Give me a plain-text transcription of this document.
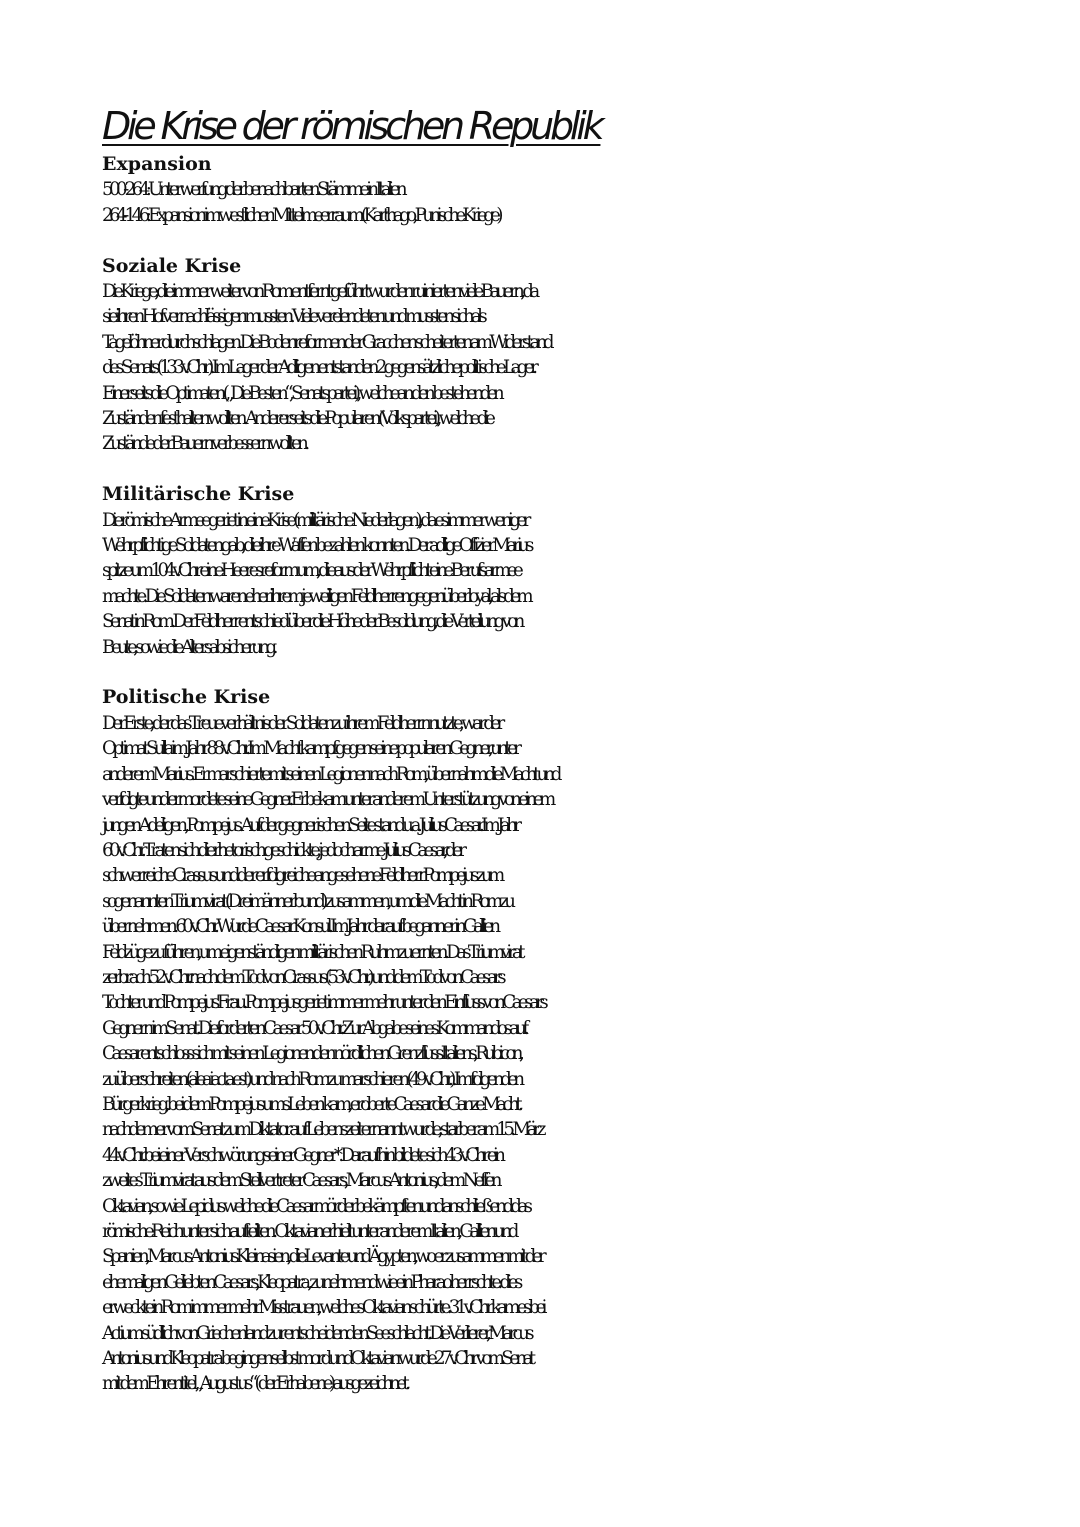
Die Krise der römischen Republik
Expansion
500-264: Unterwerfung der benachbarten Stämme in Italien
264-146: Expansion im westlichen Mittelmeerraum (Karthago, Punische Kriege)
Soziale Krise
Die Kriege, die immer weiter von Rom entfernt geführt wurden ruinierten viele Bauern, da
sie ihren Hof vernachlässigen mussten. Viele verelendeten und mussten sich als
Tagelöhner durchschlagen. Die Bodenreformen der Gracchen scheiterten am Widerstand
des Senats (133 v. Chr). Im Lager der Adligen entstanden 2 gegensätzliche politische Lager.
Einerseits die Optimaten („Die Besten“, Senatspartei), welche an den bestehenden
Zuständen festhalten wollten. Andererseits die Popularen (Volkspartei), welche die
Zustände der Bauern verbessern wollten.
Militärische Krise
Die römische Armee geriet in eine Krise (militärische Niederlagen), da es immer weniger
Wehrpflichtige Soldaten gab, die ihre Waffen bezahlen konnten. Der adlige Offizier Marius
spitze um 104 v. Chr eine Heeresreform um, die aus der Wehrpflicht eine Berufsarmee
machte. Die Soldaten waren eher ihrem jeweiligen Feldherren gegenüber loyal, als dem
Senat in Rom. Der Feldherr entschied über die Höhe der Besoldung, die Verteilung von
Beute, sowie die Altersabsicherung.
Politische Krise
Der Erste, der das Treueverhältnis der Soldaten zu ihrem Feldherrn nutzte, war der
Optimat Sulla im Jahr 88 v. Chr. Im Machtkampf gegen seine popularen Gegner, unter
anderem Marius. Er marschierte mit seinen Legionen nach Rom, übernahm die Macht und
verfolgte und ermordete seine Gegner. Er bekam unter anderem Unterstützung von einem
jungen Adeligen , Pompejus. Auf der gegnerischen Seite stand u.a. Julius Caesar. Im Jahr
60 v. Chr. Traten sich die rhetorisch geschickte, jedoch arme Julius Caesar, der
schwerreiche Crassus und der erfolgreiche angesehene Feldherr Pompejus zum
sogenannten Triumvirat (Dreimännerbund) zusammen, um die Macht in Rom zu
übernehmen. 60 v. Chr. Wurde Caesar Konsul. Im Jahr darauf begann er in Gallien
Feldzüge zu führen, um eigenständigen militärischen Ruhm zu ernten. Das Triumvirat
zerbrach 52 v. Chr.nach dem Tod von Crassus (53 v. Chr.) und dem Tod von Caesars
Tochter und Pompejus' Frau. Pompejus geriet immer mehr unter den Einfluss von Caesars
Gegnern im Senat. Die forderten Caesar 50 v. Chr. Zur Abgabe seines Kommandos auf.
Caesar entschloss sich mit seinen Legionen den nördlichen Grenzfluss Italiens, Rubicon,
zu überschreiten (alea iacta est) und nach Rom zu marschieren (49 v. Chr.). Im folgenden
Bürgerkrieg, bei dem Pompejus ums Leben kam, eroberte Caesar die Ganze Macht.
nachdem er vom Senat zum Diktator auf Lebenszeit ernannt wurde, starb er am 15. März
44 v. Chr. bei einer Verschwörung seiner Gegner*. Daraufhin bildete sich 43 v. Chr ein
zweites Triumvirat aus dem Stellvertreter Caesars, Marcus Antonius, dem Neffen
Oktavian, sowie Lepidus welche die Caesarmörder bekämpften und anschließend das
römische Reich unter sich aufteilten. Oktavian erhielt unter anderem Italien, Gallien und
Spanien, Marcus Antonius Kleinasien, die Levante und Ägypten, wo er zusammen mit der
ehemaligen Geliebten Caesars, Kleopatra , zunehmend wie ein Pharao herrschte. dies
erweckte in Rom immer mehr Misstrauen, welches Oktavian schürte. 31 v. Chr kam es bei
Actium südlich von Griechenland zur entscheidenden Seeschlacht. Die Verlierer, Marcus
Antonius und Kleopatra begingen selbstmord und Oktavian wurde 27 v. Chr vom Senat
mit dem Ehrentitel „Augustus“ ( der Erhabene) ausgezeichnet.
